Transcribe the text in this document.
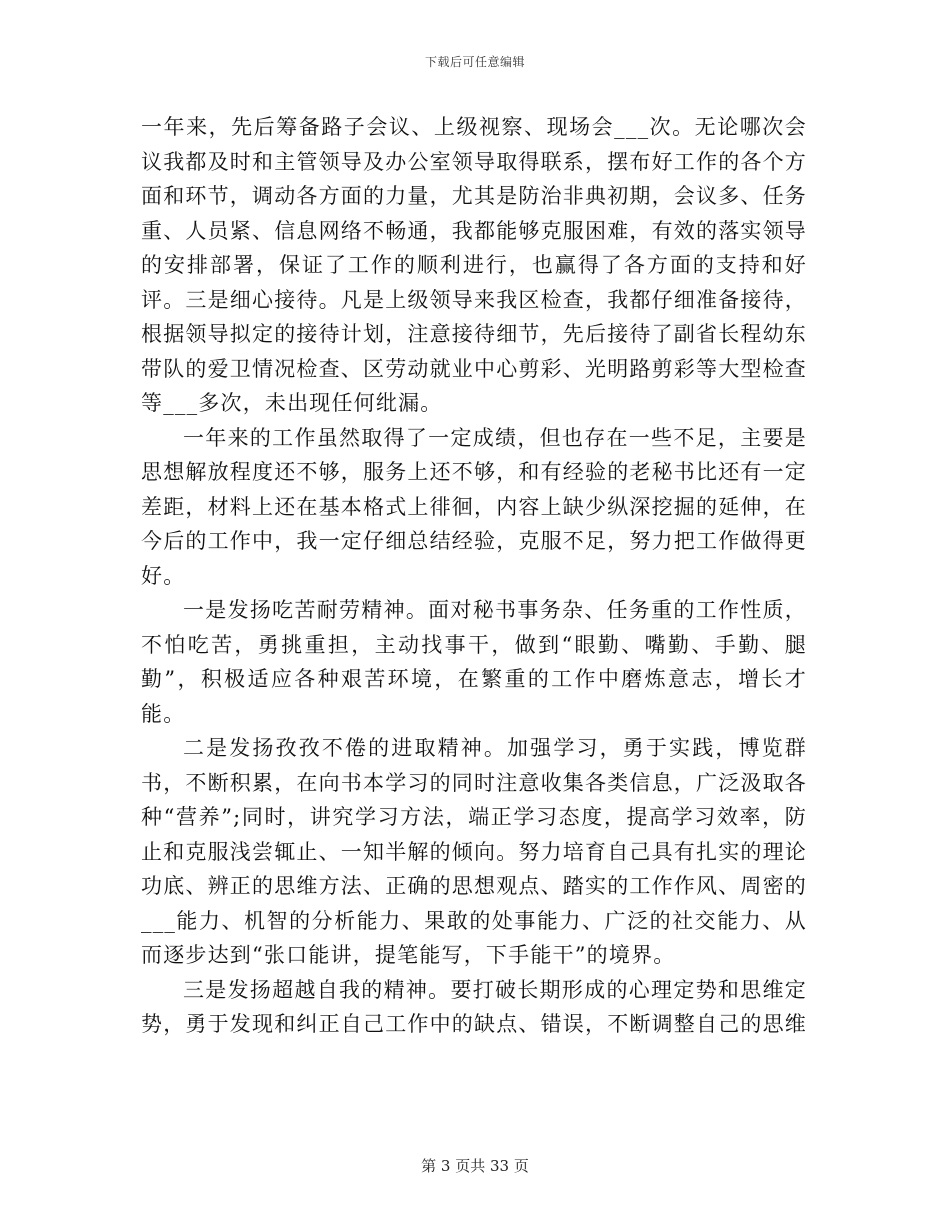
下载后可任意编辑

一年来，先后筹备路子会议、上级视察、现场会___次。无论哪次会议我都及时和主管领导及办公室领导取得联系，摆布好工作的各个方面和环节，调动各方面的力量，尤其是防治非典初期，会议多、任务重、人员紧、信息网络不畅通，我都能够克服困难，有效的落实领导的安排部署，保证了工作的顺利进行，也赢得了各方面的支持和好评。三是细心接待。凡是上级领导来我区检查，我都仔细准备接待，根据领导拟定的接待计划，注意接待细节，先后接待了副省长程幼东带队的爱卫情况检查、区劳动就业中心剪彩、光明路剪彩等大型检查等___多次，未出现任何纰漏。

一年来的工作虽然取得了一定成绩，但也存在一些不足，主要是思想解放程度还不够，服务上还不够，和有经验的老秘书比还有一定差距，材料上还在基本格式上徘徊，内容上缺少纵深挖掘的延伸，在今后的工作中，我一定仔细总结经验，克服不足，努力把工作做得更好。

一是发扬吃苦耐劳精神。面对秘书事务杂、任务重的工作性质，不怕吃苦，勇挑重担，主动找事干，做到“眼勤、嘴勤、手勤、腿勤”，积极适应各种艰苦环境，在繁重的工作中磨炼意志，增长才能。

二是发扬孜孜不倦的进取精神。加强学习，勇于实践，博览群书，不断积累，在向书本学习的同时注意收集各类信息，广泛汲取各种“营养”;同时，讲究学习方法，端正学习态度，提高学习效率，防止和克服浅尝辄止、一知半解的倾向。努力培育自己具有扎实的理论功底、辨正的思维方法、正确的思想观点、踏实的工作作风、周密的___能力、机智的分析能力、果敢的处事能力、广泛的社交能力、从而逐步达到“张口能讲，提笔能写，下手能干”的境界。

三是发扬超越自我的精神。要打破长期形成的心理定势和思维定势，勇于发现和纠正自己工作中的缺点、错误，不断调整自己的思维

第 3 页共 33 页
